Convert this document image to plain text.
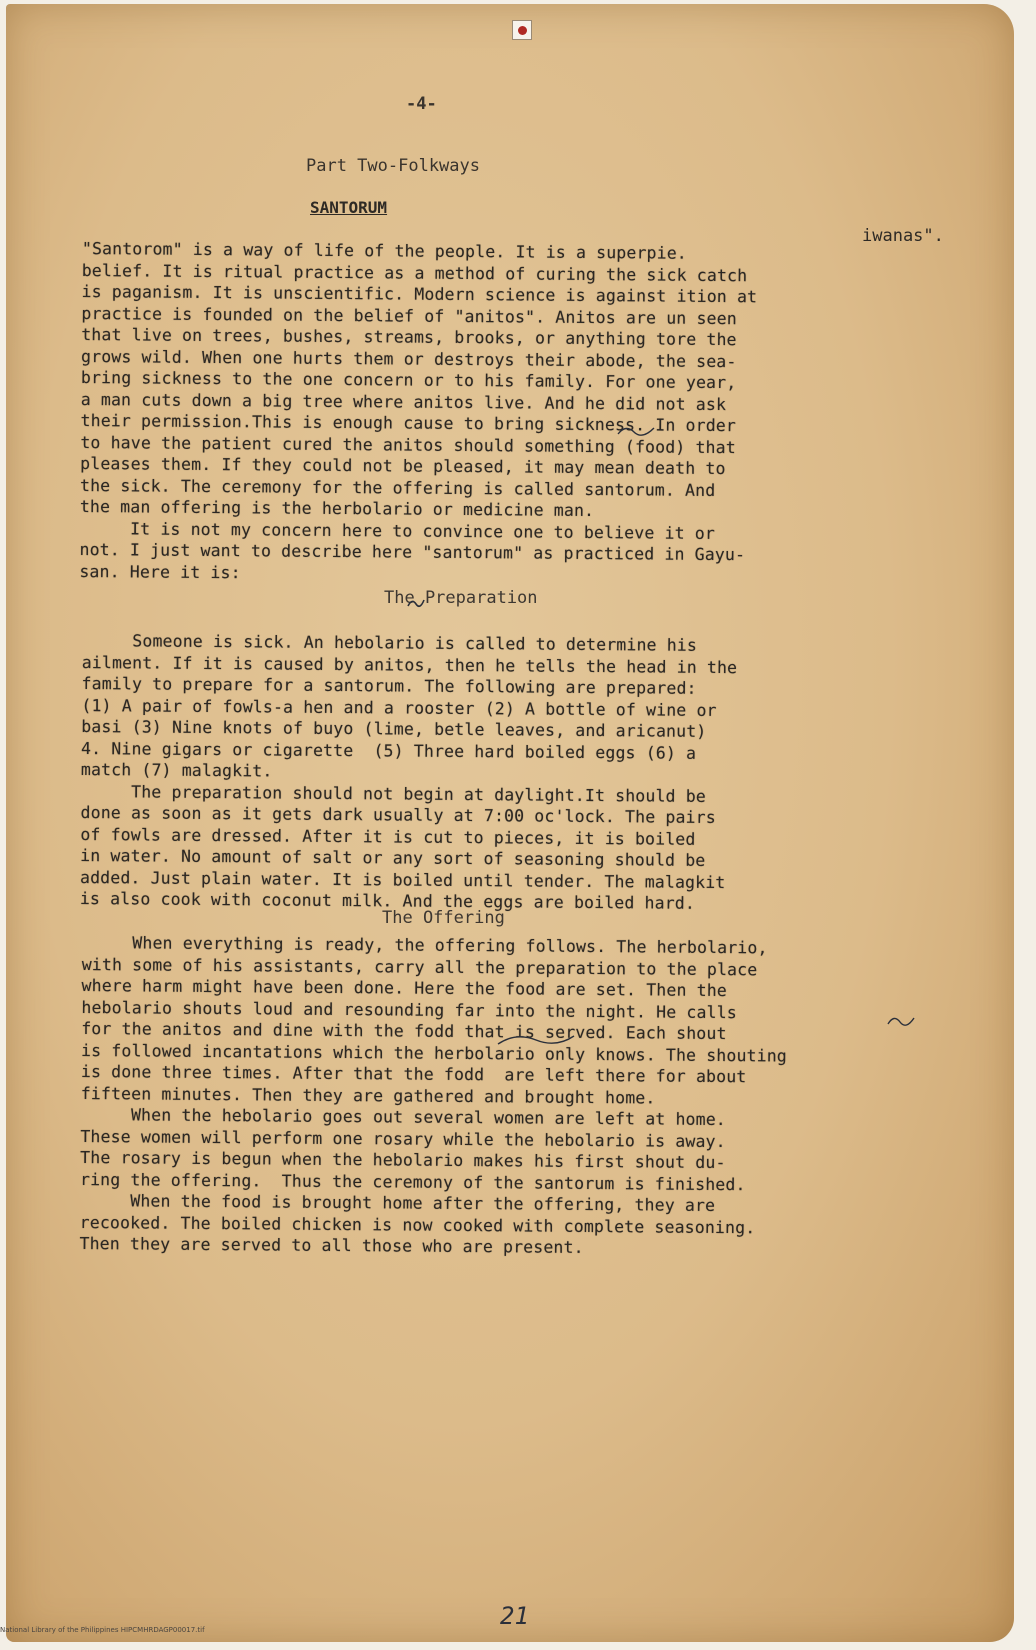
-4-
Part Two-Folkways
SANTORUM
iwanas".
"Santorom" is a way of life of the people. It is a superpie.
belief. It is ritual practice as a method of curing the sick catch
is paganism. It is unscientific. Modern science is against ition at
practice is founded on the belief of "anitos". Anitos are un seen
that live on trees, bushes, streams, brooks, or anything tore the
grows wild. When one hurts them or destroys their abode, the sea-
bring sickness to the one concern or to his family. For one year,
a man cuts down a big tree where anitos live. And he did not ask
their permission.This is enough cause to bring sickness. In order
to have the patient cured the anitos should something (food) that
pleases them. If they could not be pleased, it may mean death to
the sick. The ceremony for the offering is called santorum. And
the man offering is the herbolario or medicine man.
It is not my concern here to convince one to believe it or
not. I just want to describe here "santorum" as practiced in Gayu-
san. Here it is:
The Preparation
Someone is sick. An hebolario is called to determine his
ailment. If it is caused by anitos, then he tells the head in the
family to prepare for a santorum. The following are prepared:
(1) A pair of fowls-a hen and a rooster (2) A bottle of wine or
basi (3) Nine knots of buyo (lime, betle leaves, and aricanut)
4. Nine gigars or cigarette  (5) Three hard boiled eggs (6) a
match (7) malagkit.
The preparation should not begin at daylight.It should be
done as soon as it gets dark usually at 7:00 oc'lock. The pairs
of fowls are dressed. After it is cut to pieces, it is boiled
in water. No amount of salt or any sort of seasoning should be
added. Just plain water. It is boiled until tender. The malagkit
is also cook with coconut milk. And the eggs are boiled hard.
The Offering
When everything is ready, the offering follows. The herbolario,
with some of his assistants, carry all the preparation to the place
where harm might have been done. Here the food are set. Then the
hebolario shouts loud and resounding far into the night. He calls
for the anitos and dine with the fodd that is served. Each shout
is followed incantations which the herbolario only knows. The shouting
is done three times. After that the fodd  are left there for about
fifteen minutes. Then they are gathered and brought home.
When the hebolario goes out several women are left at home.
These women will perform one rosary while the hebolario is away.
The rosary is begun when the hebolario makes his first shout du-
ring the offering.  Thus the ceremony of the santorum is finished.
When the food is brought home after the offering, they are
recooked. The boiled chicken is now cooked with complete seasoning.
Then they are served to all those who are present.
21
National Library of the Philippines HIPCMHRDAGP00017.tif
